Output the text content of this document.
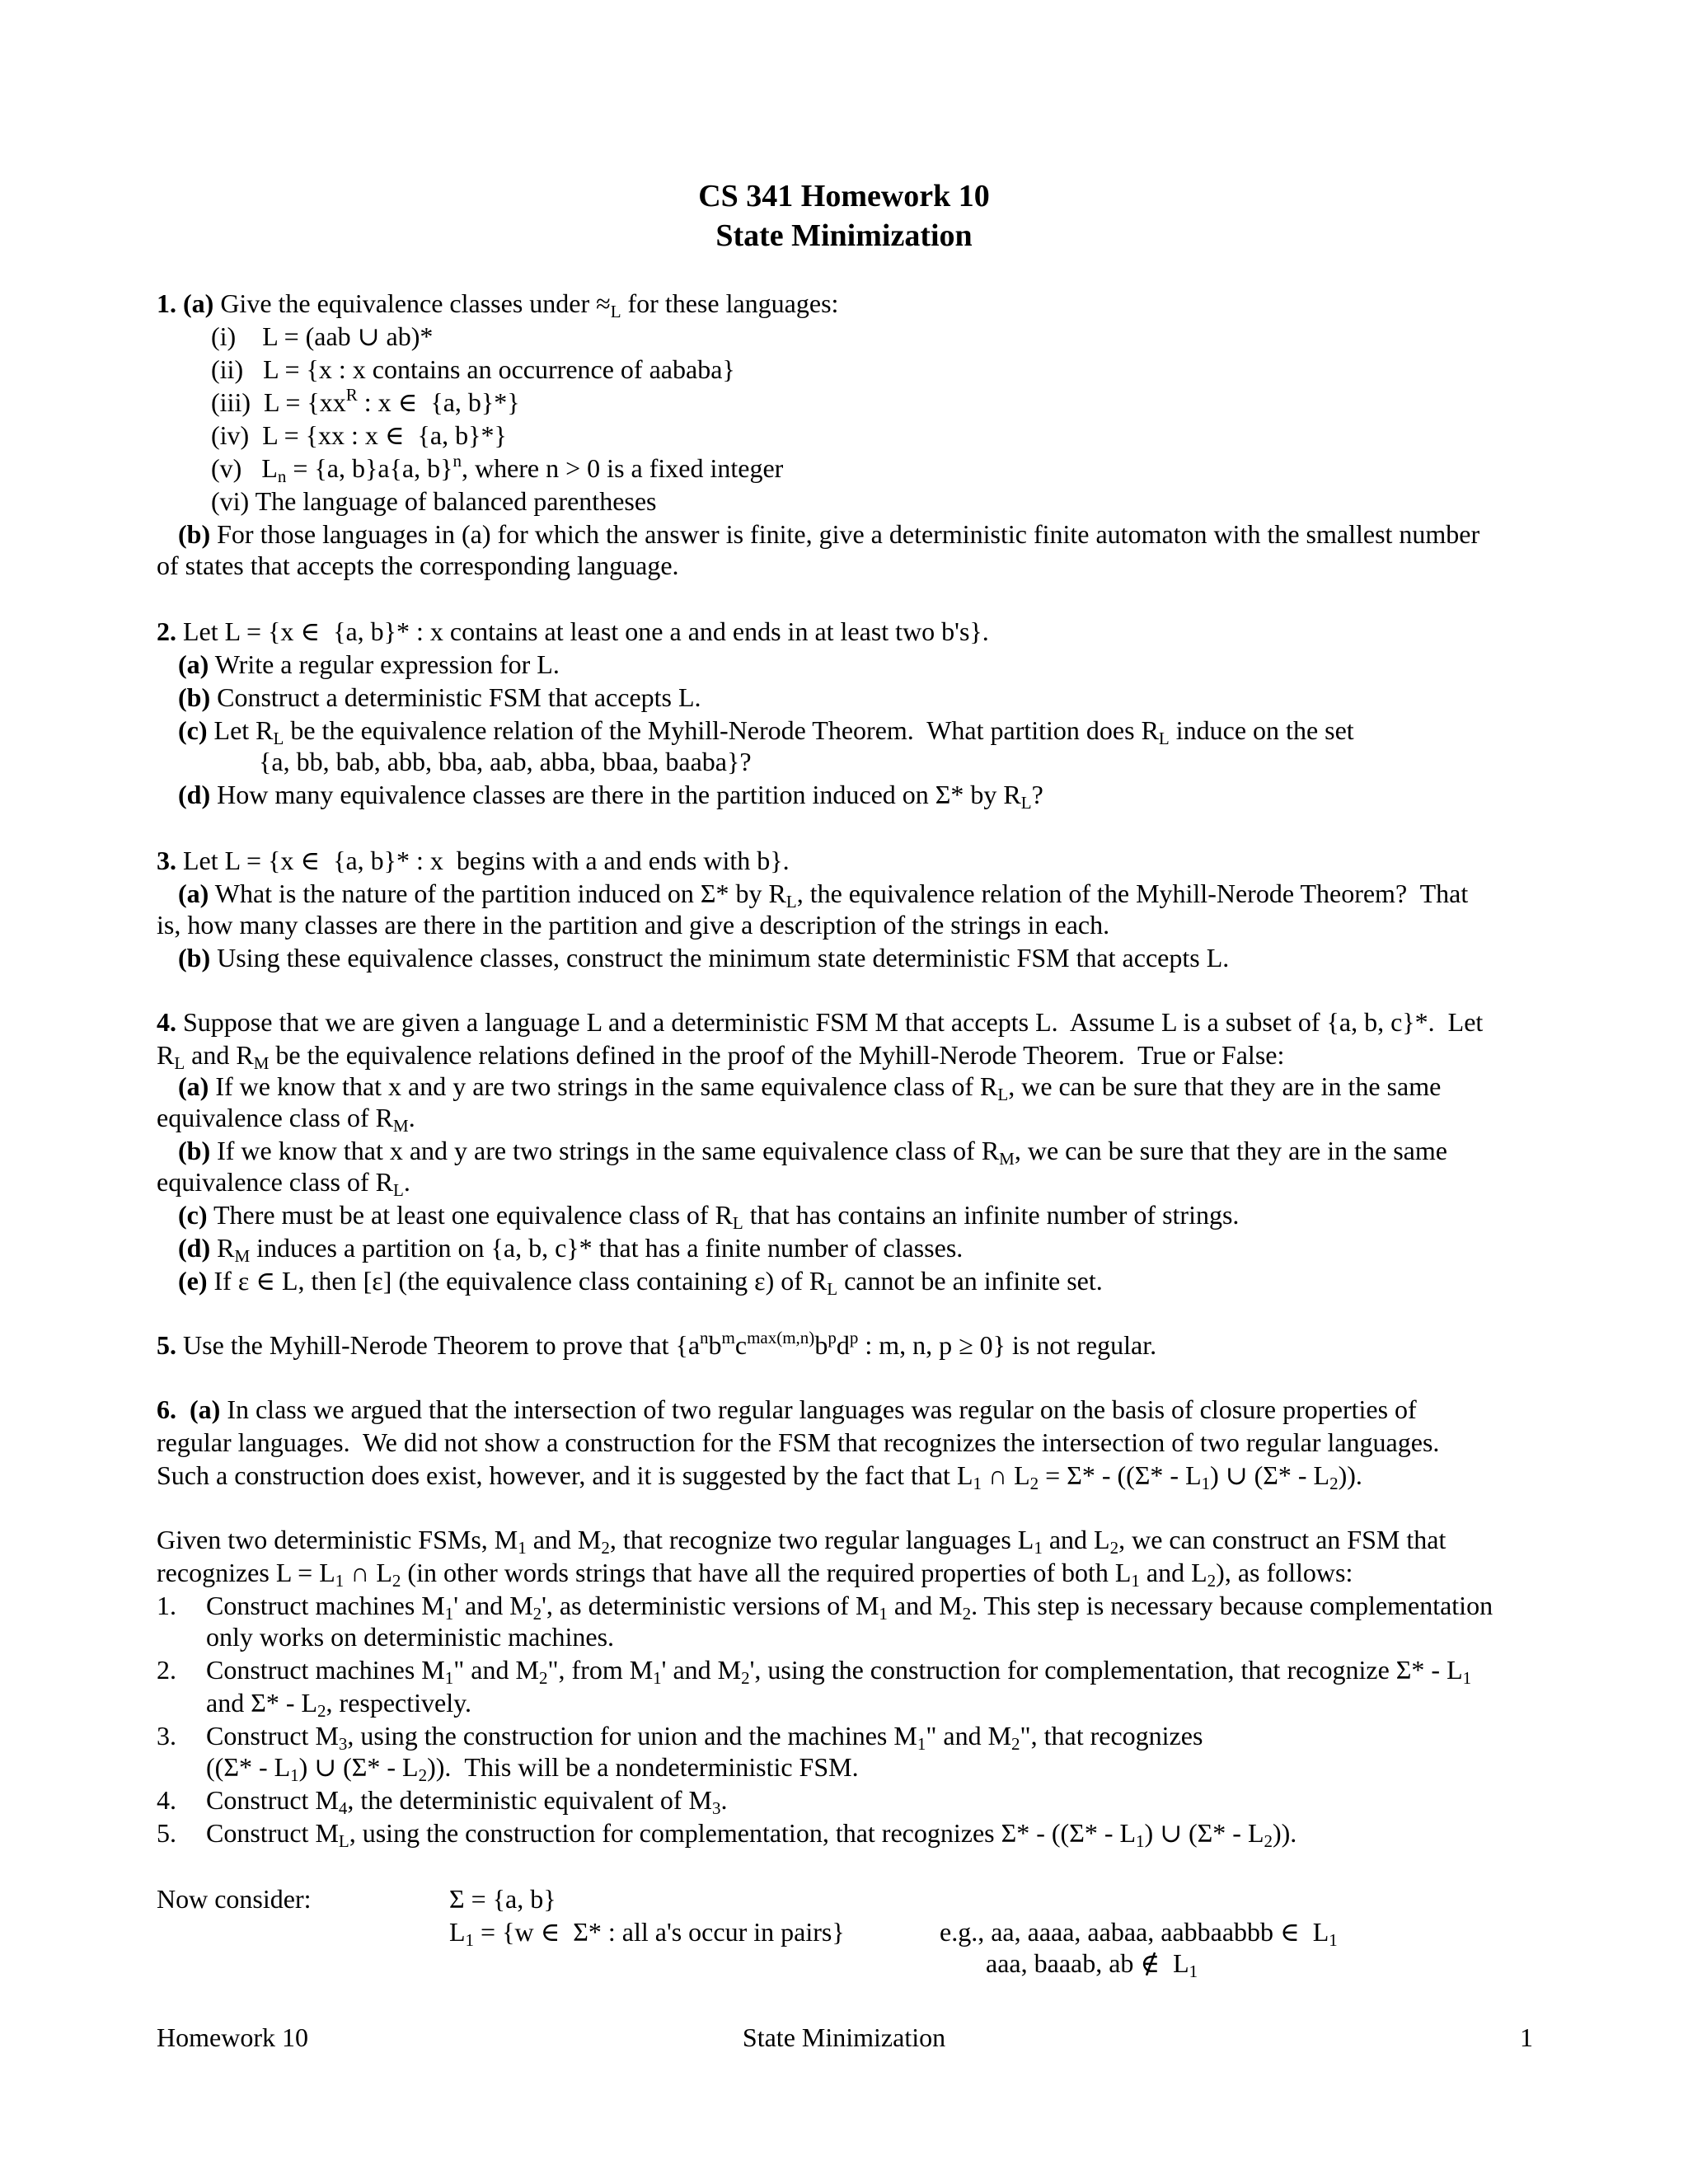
CS 341 Homework 10
State Minimization
1. (a) Give the equivalence classes under $\approx_L$ for these languages:
(i)    L = (aab ∪ ab)*
(ii)   L = {x : x contains an occurrence of aababa}
(iii)  $L = \{xx^R$ : x ∈  {a, b}*}
(iv)  L = {xx : x ∈  {a, b}*}
(v)   $L_n = \{a$, b}a{a, b}$^n$, where n > 0 is a fixed integer
(vi) The language of balanced parentheses
(b) For those languages in (a) for which the answer is finite, give a deterministic finite automaton with the smallest number
of states that accepts the corresponding language.
2. Let L = {x ∈  {a, b}* : x contains at least one a and ends in at least two b's}.
(a) Write a regular expression for L.
(b) Construct a deterministic FSM that accepts L.
(c) Let $R_L$ be the equivalence relation of the Myhill-Nerode Theorem.  What partition does $R_L$ induce on the set
{a, bb, bab, abb, bba, aab, abba, bbaa, baaba}?
(d) How many equivalence classes are there in the partition induced on Σ* by $R_L$?
3. Let L = {x ∈  {a, b}* : x  begins with a and ends with b}.
(a) What is the nature of the partition induced on Σ* by $R_L$, the equivalence relation of the Myhill-Nerode Theorem?  That
is, how many classes are there in the partition and give a description of the strings in each.
(b) Using these equivalence classes, construct the minimum state deterministic FSM that accepts L.
4. Suppose that we are given a language L and a deterministic FSM M that accepts L.  Assume L is a subset of {a, b, c}*.  Let
$R_L$ and $R_M$ be the equivalence relations defined in the proof of the Myhill-Nerode Theorem.  True or False:
(a) If we know that x and y are two strings in the same equivalence class of $R_L$, we can be sure that they are in the same
equivalence class of $R_M$.
(b) If we know that x and y are two strings in the same equivalence class of $R_M$, we can be sure that they are in the same
equivalence class of $R_L$.
(c) There must be at least one equivalence class of $R_L$ that has contains an infinite number of strings.
(d) $R_M$ induces a partition on {a, b, c}* that has a finite number of classes.
(e) If ε ∈ L, then [ε] (the equivalence class containing ε) of $R_L$ cannot be an infinite set.
5. Use the Myhill-Nerode Theorem to prove that {$a^nb^mc^{max(m,n)}b^pd^p$ : m, n, p ≥ 0} is not regular.
6.  (a) In class we argued that the intersection of two regular languages was regular on the basis of closure properties of
regular languages.  We did not show a construction for the FSM that recognizes the intersection of two regular languages.
Such a construction does exist, however, and it is suggested by the fact that $L_1$ ∩ $L_2 = \Sigma* - ((\Sigma* - L_1)$ ∪ $(\Sigma* - L_2)$).
Given two deterministic FSMs, $M_1$ and $M_2$, that recognize two regular languages $L_1$ and $L_2$, we can construct an FSM that
recognizes $L = L_1$ ∩ $L_2$ (in other words strings that have all the required properties of both $L_1$ and $L_2$), as follows:
1. Construct machines $M_1'$ and $M_2'$, as deterministic versions of $M_1$ and $M_2$. This step is necessary because complementation
only works on deterministic machines.
2. Construct machines $M_1$" and $M_2$", from $M_1'$ and $M_2'$, using the construction for complementation, that recognize $\Sigma* - L_1$
and $\Sigma* - L_2$, respectively.
3. Construct $M_3$, using the construction for union and the machines $M_1$" and $M_2$", that recognizes
($(\Sigma* - L_1)$ ∪ $(\Sigma* - L_2)$).  This will be a nondeterministic FSM.
4. Construct $M_4$, the deterministic equivalent of $M_3$.
5. Construct $M_L$, using the construction for complementation, that recognizes $\Sigma* - ((\Sigma* - L_1)$ ∪ $(\Sigma* - L_2)$).
Now consider:	Σ = {a, b}
$L_1 = \{w$ ∈  Σ* : all a's occur in pairs}	e.g., aa, aaaa, aabaa, aabbaabbb ∈  $L_1$
aaa, baaab, ab ∉  $L_1$
Homework 10	State Minimization	1
